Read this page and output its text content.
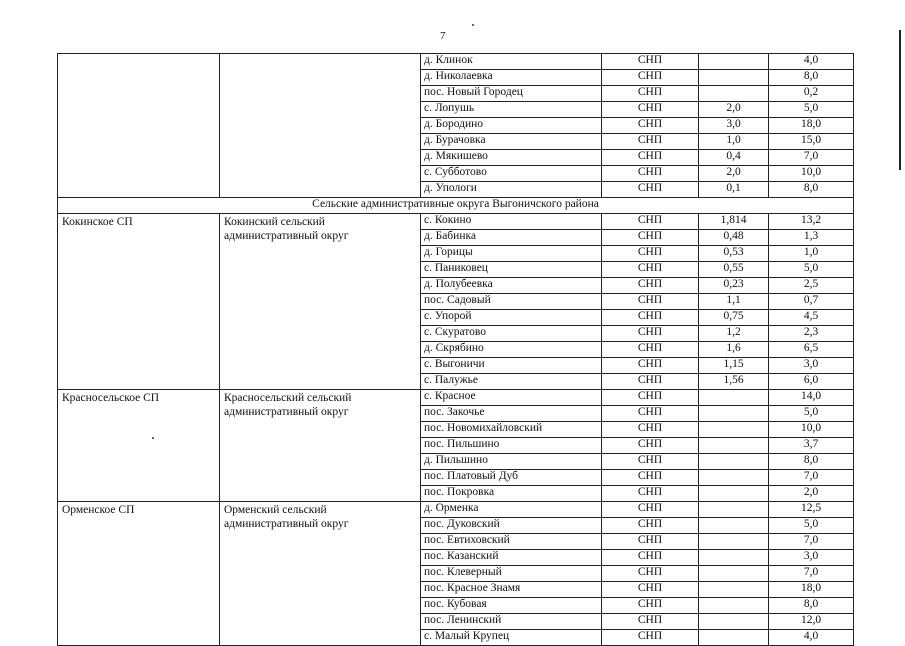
7
		д. Клинок	СНП		4,0
		д. Николаевка	СНП		8,0
		пос. Новый Городец	СНП		0,2
		с. Лопушь	СНП	2,0	5,0
		д. Бородино	СНП	3,0	18,0
		д. Бурачовка	СНП	1,0	15,0
		д. Мякишево	СНП	0,4	7,0
		с. Субботово	СНП	2,0	10,0
		д. Упологи	СНП	0,1	8,0
Сельские административные округа Выгоничского района					
Кокинское СП	Кокинский сельский административный округ	с. Кокино	СНП	1,814	13,2
		д. Бабинка	СНП	0,48	1,3
		д. Горицы	СНП	0,53	1,0
		с. Паниковец	СНП	0,55	5,0
		д. Полубеевка	СНП	0,23	2,5
		пос. Садовый	СНП	1,1	0,7
		с. Упорой	СНП	0,75	4,5
		с. Скуратово	СНП	1,2	2,3
		д. Скрябино	СНП	1,6	6,5
		с. Выгоничи	СНП	1,15	3,0
		с. Палужье	СНП	1,56	6,0
Красносельское СП	Красносельский сельский административный округ	с. Красное	СНП		14,0
		пос. Закочье	СНП		5,0
		пос. Новомихайловский	СНП		10,0
		пос. Пильшино	СНП		3,7
		д. Пильшино	СНП		8,0
		пос. Платовый Дуб	СНП		7,0
		пос. Покровка	СНП		2,0
Орменское СП	Орменский сельский административный округ	д. Орменка	СНП		12,5
		пос. Дуковский	СНП		5,0
		пос. Евтиховский	СНП		7,0
		пос. Казанский	СНП		3,0
		пос. Клеверный	СНП		7,0
		пос. Красное Знамя	СНП		18,0
		пос. Кубовая	СНП		8,0
		пос. Ленинский	СНП		12,0
		с. Малый Крупец	СНП		4,0
